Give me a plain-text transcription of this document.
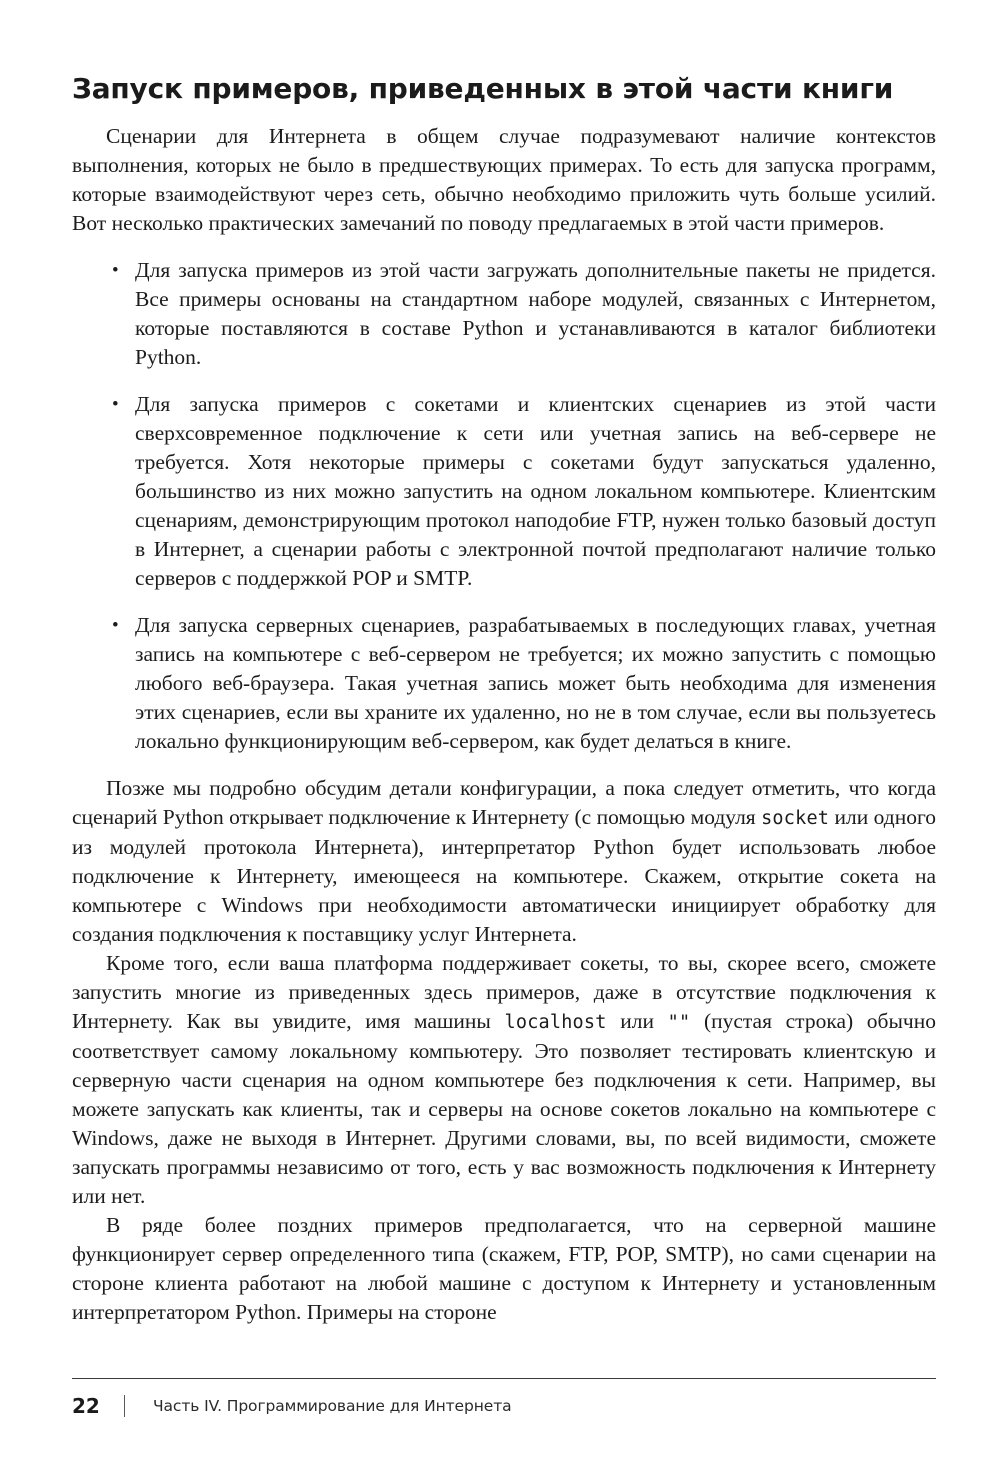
Запуск примеров, приведенных в этой части книги

Сценарии для Интернета в общем случае подразумевают наличие контекстов выполнения, которых не было в предшествующих примерах. То есть для запуска программ, которые взаимодействуют через сеть, обычно необходимо приложить чуть больше усилий. Вот несколько практических замечаний по поводу предлагаемых в этой части примеров.

• Для запуска примеров из этой части загружать дополнительные пакеты не придется. Все примеры основаны на стандартном наборе модулей, связанных с Интернетом, которые поставляются в составе Python и устанавливаются в каталог библиотеки Python.
• Для запуска примеров с сокетами и клиентских сценариев из этой части сверхсовременное подключение к сети или учетная запись на веб-сервере не требуется. Хотя некоторые примеры с сокетами будут запускаться удаленно, большинство из них можно запустить на одном локальном компьютере. Клиентским сценариям, демонстрирующим протокол наподобие FTP, нужен только базовый доступ в Интернет, а сценарии работы с электронной почтой предполагают наличие только серверов с поддержкой POP и SMTP.
• Для запуска серверных сценариев, разрабатываемых в последующих главах, учетная запись на компьютере с веб-сервером не требуется; их можно запустить с помощью любого веб-браузера. Такая учетная запись может быть необходима для изменения этих сценариев, если вы храните их удаленно, но не в том случае, если вы пользуетесь локально функционирующим веб-сервером, как будет делаться в книге.

Позже мы подробно обсудим детали конфигурации, а пока следует отметить, что когда сценарий Python открывает подключение к Интернету (с помощью модуля socket или одного из модулей протокола Интернета), интерпретатор Python будет использовать любое подключение к Интернету, имеющееся на компьютере. Скажем, открытие сокета на компьютере с Windows при необходимости автоматически инициирует обработку для создания подключения к поставщику услуг Интернета.

Кроме того, если ваша платформа поддерживает сокеты, то вы, скорее всего, сможете запустить многие из приведенных здесь примеров, даже в отсутствие подключения к Интернету. Как вы увидите, имя машины localhost или "" (пустая строка) обычно соответствует самому локальному компьютеру. Это позволяет тестировать клиентскую и серверную части сценария на одном компьютере без подключения к сети. Например, вы можете запускать как клиенты, так и серверы на основе сокетов локально на компьютере с Windows, даже не выходя в Интернет. Другими словами, вы, по всей видимости, сможете запускать программы независимо от того, есть у вас возможность подключения к Интернету или нет.

В ряде более поздних примеров предполагается, что на серверной машине функционирует сервер определенного типа (скажем, FTP, POP, SMTP), но сами сценарии на стороне клиента работают на любой машине с доступом к Интернету и установленным интерпретатором Python. Примеры на стороне

22	Часть IV. Программирование для Интернета
